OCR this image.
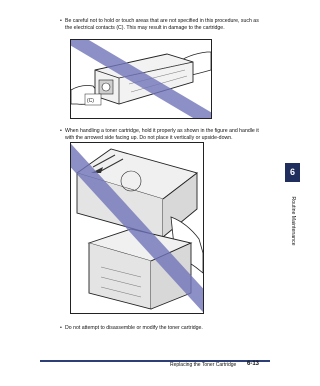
• Be careful not to hold or touch areas that are not specified in this procedure, such as the electrical contacts (C). This may result in damage to the cartridge.
(C)
• When handling a toner cartridge, hold it properly as shown in the figure and handle it with the arrowed side facing up. Do not place it vertically or upside-down.
• Do not attempt to disassemble or modify the toner cartridge.
6
Routine Maintenance
Replacing the Toner Cartridge 6-13
